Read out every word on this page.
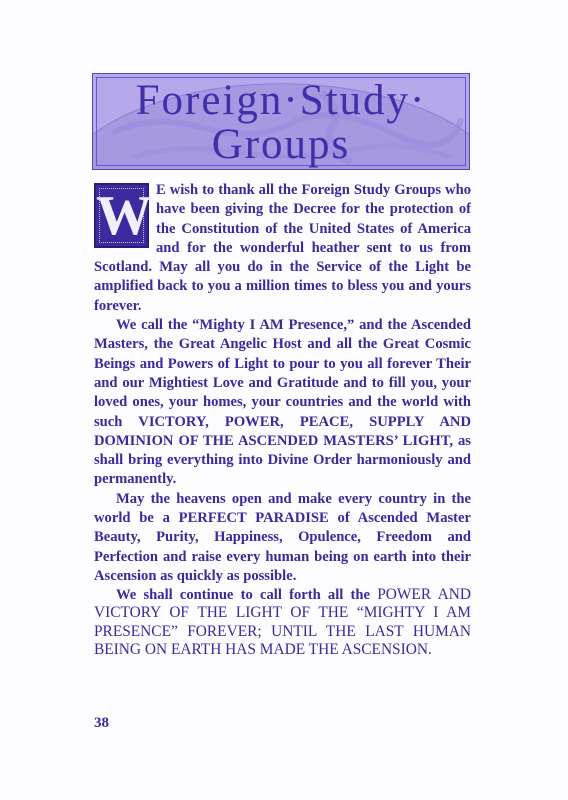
Foreign·Study·
Groups
W E wish to thank all the Foreign Study Groups who have been giving the Decree for the protection of the Constitution of the United States of America and for the wonderful heather sent to us from Scotland. May all you do in the Service of the Light be amplified back to you a million times to bless you and yours forever.

We call the “Mighty I AM Presence,” and the Ascended Masters, the Great Angelic Host and all the Great Cosmic Beings and Powers of Light to pour to you all forever Their and our Mightiest Love and Gratitude and to fill you, your loved ones, your homes, your countries and the world with such VICTORY, POWER, PEACE, SUPPLY AND DOMINION OF THE ASCENDED MASTERS’ LIGHT, as shall bring everything into Divine Order harmoniously and permanently.

May the heavens open and make every country in the world be a PERFECT PARADISE of Ascended Master Beauty, Purity, Happiness, Opulence, Freedom and Perfection and raise every human being on earth into their Ascension as quickly as possible.

We shall continue to call forth all the POWER AND VICTORY OF THE LIGHT OF THE “MIGHTY I AM PRESENCE” FOREVER; UNTIL THE LAST HUMAN BEING ON EARTH HAS MADE THE ASCENSION.

38
